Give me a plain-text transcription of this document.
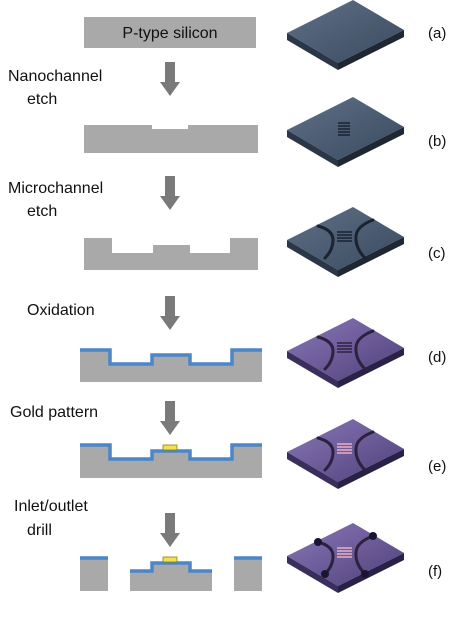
P-type silicon	(a)
Nanochannel
etch
(b)
Microchannel
etch
(c)
Oxidation
(d)
Gold pattern
(e)
Inlet/outlet
drill
(f)
